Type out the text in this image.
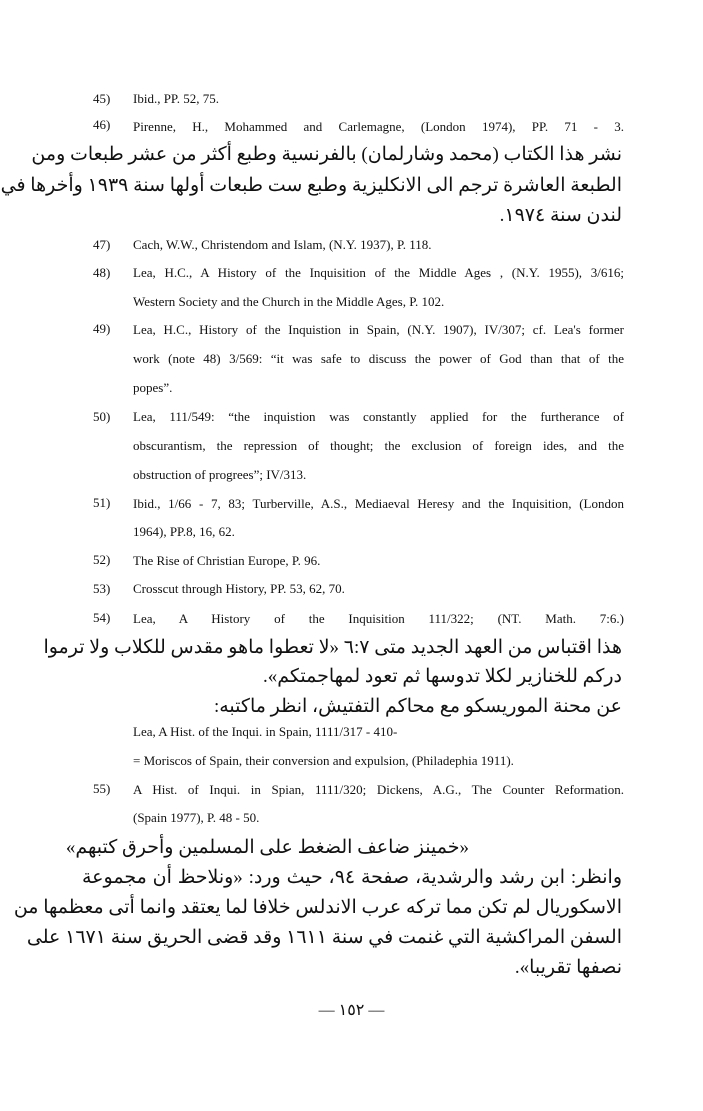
45) Ibid., PP. 52, 75.
46) Pirenne, H., Mohammed and Carlemagne, (London 1974), PP. 71 - 3.
نشر هذا الكتاب (محمد وشارلمان) بالفرنسية وطبع أكثر من عشر طبعات ومن
الطبعة العاشرة ترجم الى الانكليزية وطبع ست طبعات أولها سنة ١٩٣٩ وأخرها في
لندن سنة ١٩٧٤.
47) Cach, W.W., Christendom and Islam, (N.Y. 1937), P. 118.
48) Lea, H.C., A History of the Inquisition of the Middle Ages , (N.Y. 1955), 3/616;
Western Society and the Church in the Middle Ages, P. 102.
49) Lea, H.C., History of the Inquistion in Spain, (N.Y. 1907), IV/307; cf. Lea's former
work (note 48) 3/569: “it was safe to discuss the power of God than that of the
popes”.
50) Lea, 111/549: “the inquistion was constantly applied for the furtherance of
obscurantism, the repression of thought; the exclusion of foreign ides, and the
obstruction of progrees”; IV/313.
51) Ibid., 1/66 - 7, 83; Turberville, A.S., Mediaeval Heresy and the Inquisition, (London
1964), PP.8, 16, 62.
52) The Rise of Christian Europe, P. 96.
53) Crosscut through History, PP. 53, 62, 70.
54) Lea, A History of the Inquisition 111/322; (NT. Math. 7:6.)
هذا اقتباس من العهد الجديد متى ٦:٧ «لا تعطوا ماهو مقدس للكلاب ولا ترموا
دركم للخنازير لكلا تدوسها ثم تعود لمهاجمتكم».
عن محنة الموريسكو مع محاكم التفتيش، انظر ماكتبه:
Lea, A Hist. of the Inqui. in Spain, 1111/317 - 410-
= Moriscos of Spain, their conversion and expulsion, (Philadephia 1911).
55) A Hist. of Inqui. in Spian, 1111/320; Dickens, A.G., The Counter Reformation.
(Spain 1977), P. 48 - 50.
«خمينز ضاعف الضغط على المسلمين وأحرق كتبهم»
وانظر: ابن رشد والرشدية، صفحة ٩٤، حيث ورد: «ونلاحظ أن مجموعة
الاسكوريال لم تكن مما تركه عرب الاندلس خلافا لما يعتقد وانما أتى معظمها من
السفن المراكشية التي غنمت في سنة ١٦١١ وقد قضى الحريق سنة ١٦٧١ على
نصفها تقريبا».
— ١٥٢ —
